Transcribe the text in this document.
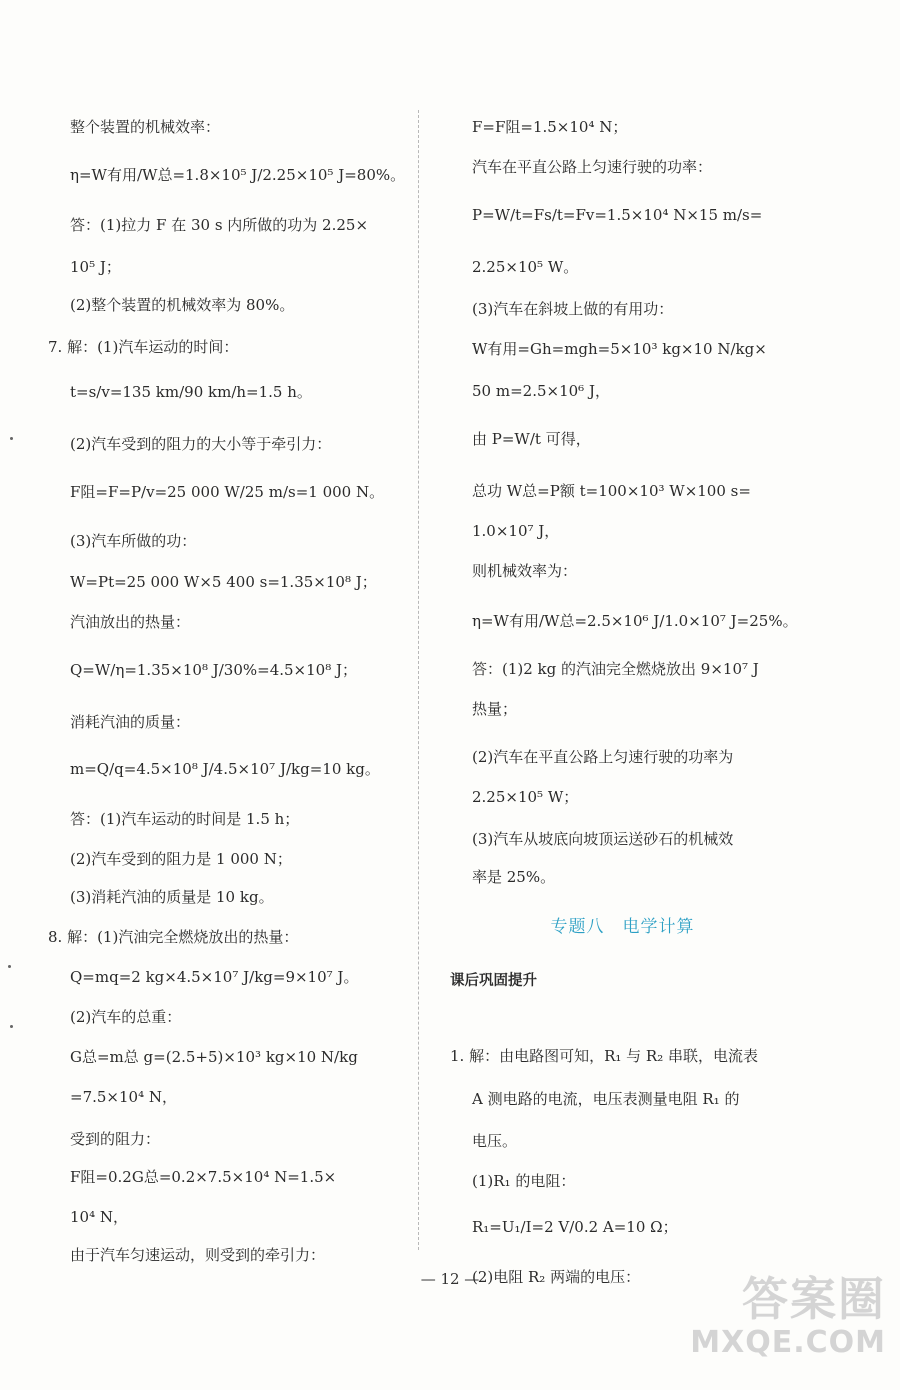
整个装置的机械效率：
η=W有用/W总=1.8×10⁵ J/2.25×10⁵ J=80%。
答：(1)拉力 F 在 30 s 内所做的功为 2.25×
10⁵ J；
(2)整个装置的机械效率为 80%。
7. 解：(1)汽车运动的时间：
t=s/v=135 km/90 km/h=1.5 h。
(2)汽车受到的阻力的大小等于牵引力：
F阻=F=P/v=25 000 W/25 m/s=1 000 N。
(3)汽车所做的功：
W=Pt=25 000 W×5 400 s=1.35×10⁸ J；
汽油放出的热量：
Q=W/η=1.35×10⁸ J/30%=4.5×10⁸ J；
消耗汽油的质量：
m=Q/q=4.5×10⁸ J/4.5×10⁷ J/kg=10 kg。
答：(1)汽车运动的时间是 1.5 h；
(2)汽车受到的阻力是 1 000 N；
(3)消耗汽油的质量是 10 kg。
8. 解：(1)汽油完全燃烧放出的热量：
Q=mq=2 kg×4.5×10⁷ J/kg=9×10⁷ J。
(2)汽车的总重：
G总=m总 g=(2.5+5)×10³ kg×10 N/kg
=7.5×10⁴ N，
受到的阻力：
F阻=0.2G总=0.2×7.5×10⁴ N=1.5×
10⁴ N，
由于汽车匀速运动，则受到的牵引力：
F=F阻=1.5×10⁴ N；
汽车在平直公路上匀速行驶的功率：
P=W/t=Fs/t=Fv=1.5×10⁴ N×15 m/s=
2.25×10⁵ W。
(3)汽车在斜坡上做的有用功：
W有用=Gh=mgh=5×10³ kg×10 N/kg×
50 m=2.5×10⁶ J，
由 P=W/t 可得，
总功 W总=P额 t=100×10³ W×100 s=
1.0×10⁷ J，
则机械效率为：
η=W有用/W总=2.5×10⁶ J/1.0×10⁷ J=25%。
答：(1)2 kg 的汽油完全燃烧放出 9×10⁷ J
热量；
(2)汽车在平直公路上匀速行驶的功率为
2.25×10⁵ W；
(3)汽车从坡底向坡顶运送砂石的机械效
率是 25%。
专题八　电学计算
课后巩固提升
1. 解：由电路图可知，R₁ 与 R₂ 串联，电流表
A 测电路的电流，电压表测量电阻 R₁ 的
电压。
(1)R₁ 的电阻：
R₁=U₁/I=2 V/0.2 A=10 Ω；
(2)电阻 R₂ 两端的电压：
— 12 —	答案圈
MXQE.COM
